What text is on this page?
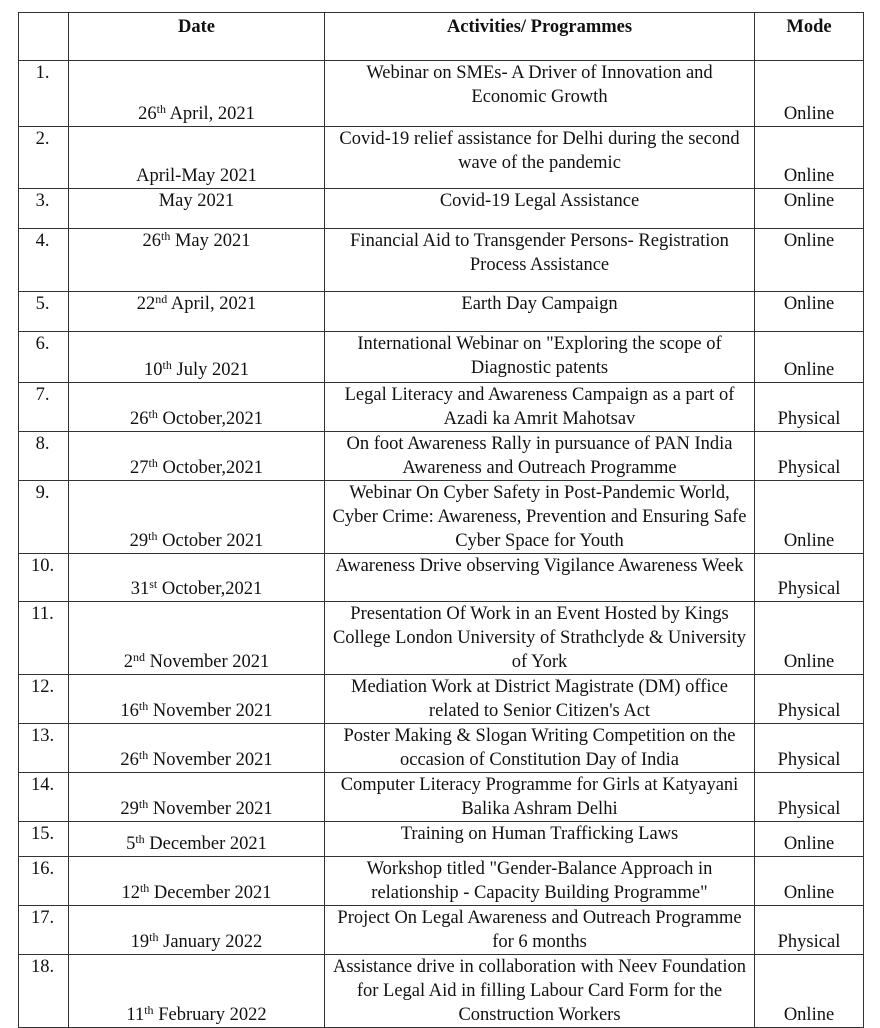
	Date	Activities/ Programmes	Mode
1.	26th April, 2021	Webinar on SMEs- A Driver of Innovation and Economic Growth	Online
2.	April-May 2021	Covid-19 relief assistance for Delhi during the second wave of the pandemic	Online
3.	May 2021	Covid-19 Legal Assistance	Online
4.	26th May 2021	Financial Aid to Transgender Persons- Registration Process Assistance	Online
5.	22nd April, 2021	Earth Day Campaign	Online
6.	10th July 2021	International Webinar on "Exploring the scope of Diagnostic patents	Online
7.	26th October,2021	Legal Literacy and Awareness Campaign as a part of Azadi ka Amrit Mahotsav	Physical
8.	27th October,2021	On foot Awareness Rally in pursuance of PAN India Awareness and Outreach Programme	Physical
9.	29th October 2021	Webinar On Cyber Safety in Post-Pandemic World, Cyber Crime: Awareness, Prevention and Ensuring Safe Cyber Space for Youth	Online
10.	31st October,2021	Awareness Drive observing Vigilance Awareness Week	Physical
11.	2nd November 2021	Presentation Of Work in an Event Hosted by Kings College London University of Strathclyde & University of York	Online
12.	16th November 2021	Mediation Work at District Magistrate (DM) office related to Senior Citizen's Act	Physical
13.	26th November 2021	Poster Making & Slogan Writing Competition on the occasion of Constitution Day of India	Physical
14.	29th November 2021	Computer Literacy Programme for Girls at Katyayani Balika Ashram Delhi	Physical
15.	5th December 2021	Training on Human Trafficking Laws	Online
16.	12th December 2021	Workshop titled "Gender-Balance Approach in relationship - Capacity Building Programme"	Online
17.	19th January 2022	Project On Legal Awareness and Outreach Programme for 6 months	Physical
18.	11th February 2022	Assistance drive in collaboration with Neev Foundation for Legal Aid in filling Labour Card Form for the Construction Workers	Online
